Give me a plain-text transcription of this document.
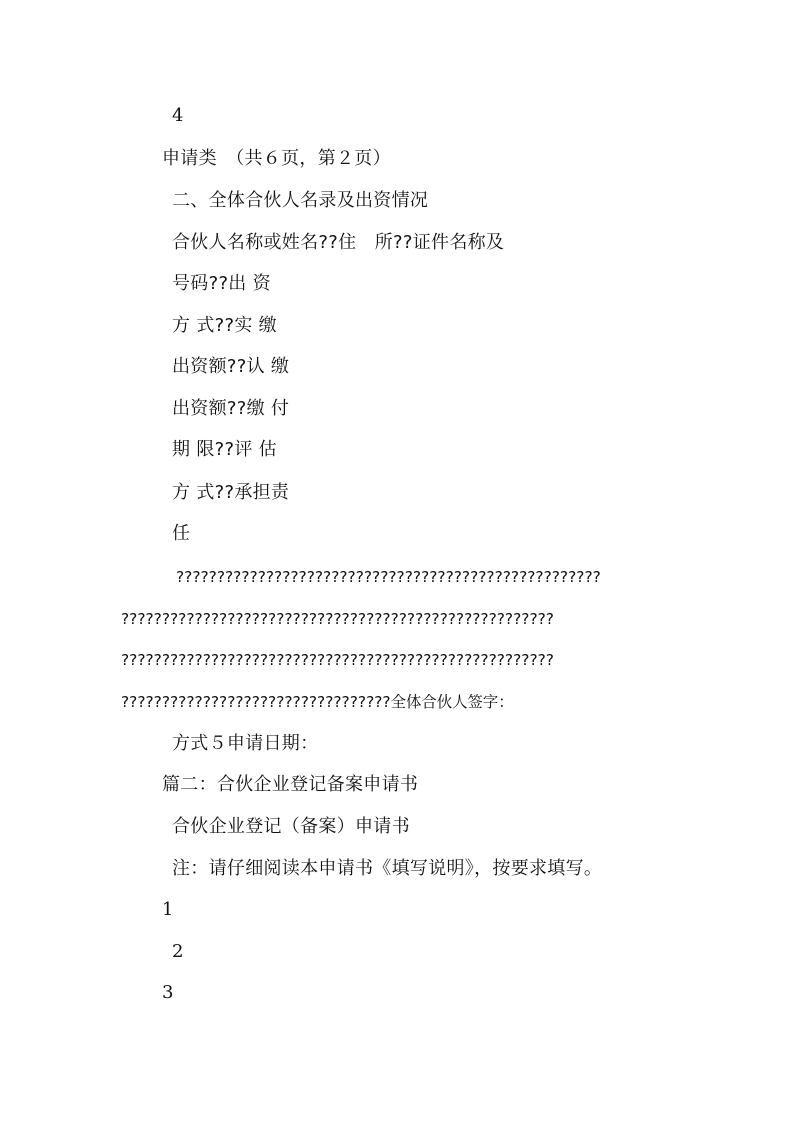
4
申请类　（共６页，第２页）
二、全体合伙人名录及出资情况
合伙人名称或姓名??住　所??证件名称及
号码??出 资
方 式??实 缴
出资额??认 缴
出资额??缴 付
期 限??评 估
方 式??承担责
任
????????????????????????????????????????????????????
?????????????????????????????????????????????????????
?????????????????????????????????????????????????????
?????????????????????????????????全体合伙人签字：
方式５申请日期：
篇二：合伙企业登记备案申请书
合伙企业登记（备案）申请书
注：请仔细阅读本申请书《填写说明》，按要求填写。
1
2
3
